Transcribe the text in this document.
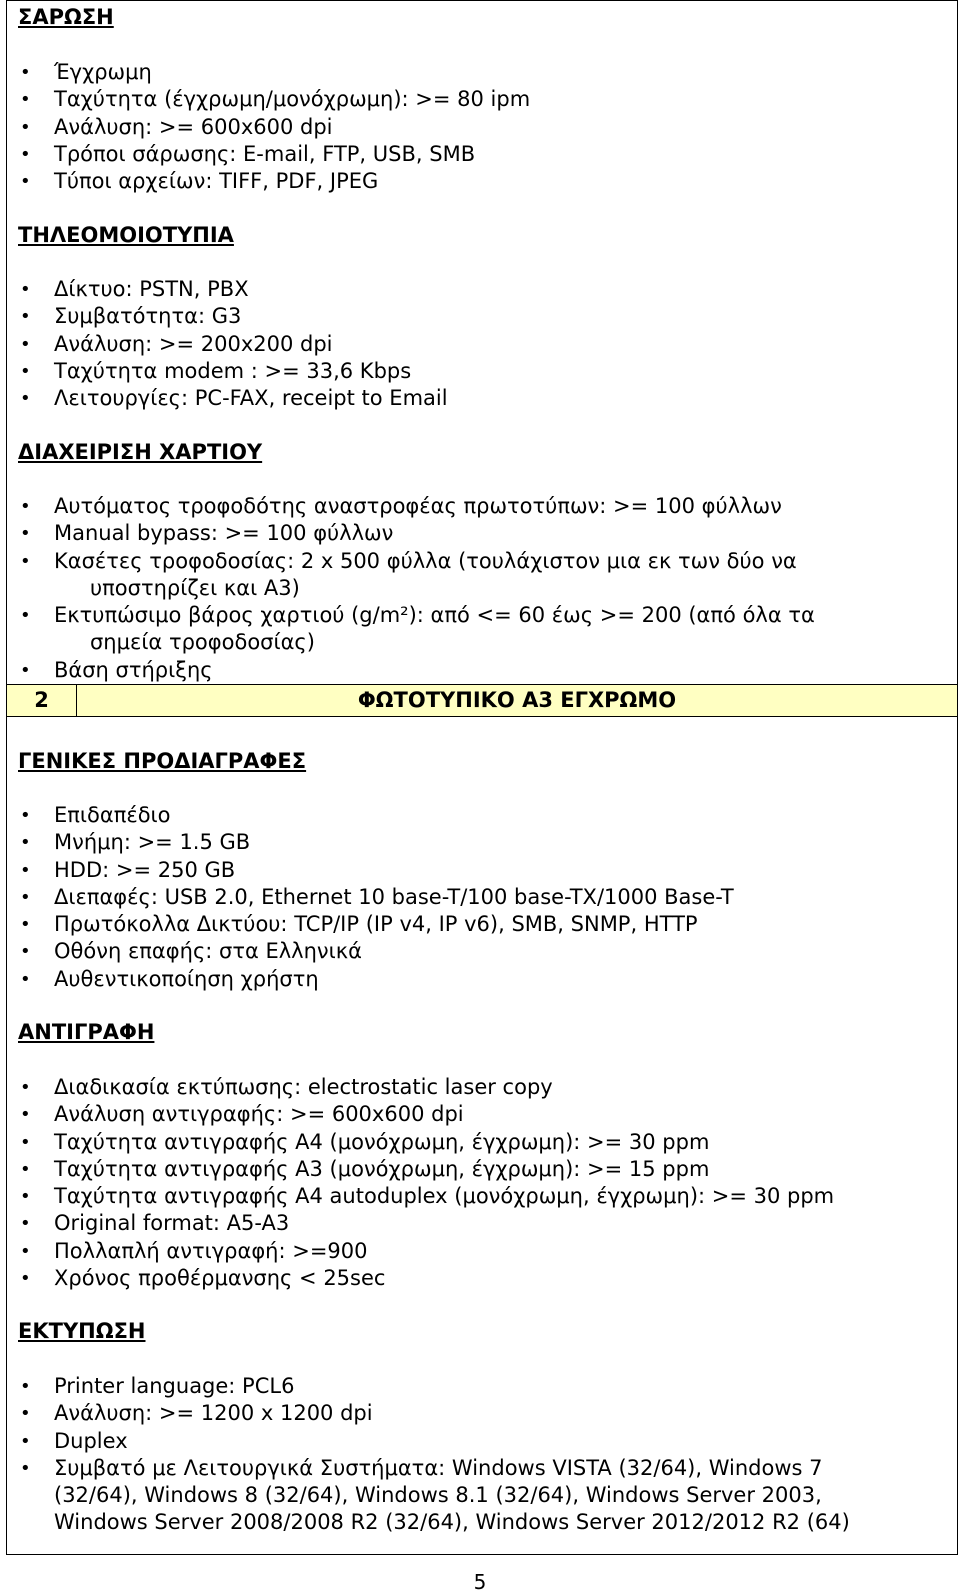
ΣΑΡΩΣΗ
• Έγχρωμη
• Ταχύτητα (έγχρωμη/μονόχρωμη): >= 80 ipm
• Ανάλυση: >= 600x600 dpi
• Τρόποι σάρωσης: E-mail, FTP, USB, SMB
• Τύποι αρχείων: TIFF, PDF, JPEG
ΤΗΛΕΟΜΟΙΟΤΥΠΙΑ
• Δίκτυο: PSTN, PBX
• Συμβατότητα: G3
• Ανάλυση: >= 200x200 dpi
• Ταχύτητα modem : >= 33,6 Kbps
• Λειτουργίες: PC-FAX, receipt to Email
ΔΙΑΧΕΙΡΙΣΗ ΧΑΡΤΙΟΥ
• Αυτόματος τροφοδότης αναστροφέας πρωτοτύπων: >= 100 φύλλων
• Manual bypass: >= 100 φύλλων
• Κασέτες τροφοδοσίας: 2 x 500 φύλλα (τουλάχιστον μια εκ των δύο να
υποστηρίζει και Α3)
• Εκτυπώσιμο βάρος χαρτιού (g/m²): από <= 60 έως >= 200 (από όλα τα
σημεία τροφοδοσίας)
• Βάση στήριξης
2	ΦΩΤΟΤΥΠΙΚΟ Α3 ΕΓΧΡΩΜΟ
ΓΕΝΙΚΕΣ ΠΡΟΔΙΑΓΡΑΦΕΣ
• Επιδαπέδιο
• Μνήμη: >= 1.5 GB
• HDD: >= 250 GB
• Διεπαφές: USB 2.0, Ethernet 10 base-T/100 base-TX/1000 Base-T
• Πρωτόκολλα Δικτύου: TCP/IP (IP v4, IP v6), SMB, SNMP, HTTP
• Οθόνη επαφής: στα Ελληνικά
• Αυθεντικοποίηση χρήστη
ΑΝΤΙΓΡΑΦΗ
• Διαδικασία εκτύπωσης: electrostatic laser copy
• Ανάλυση αντιγραφής: >= 600x600 dpi
• Ταχύτητα αντιγραφής A4 (μονόχρωμη, έγχρωμη): >= 30 ppm
• Ταχύτητα αντιγραφής A3 (μονόχρωμη, έγχρωμη): >= 15 ppm
• Ταχύτητα αντιγραφής A4 autoduplex (μονόχρωμη, έγχρωμη): >= 30 ppm
• Original format: A5-A3
• Πολλαπλή αντιγραφή: >=900
• Χρόνος προθέρμανσης < 25sec
ΕΚΤΥΠΩΣΗ
• Printer language: PCL6
• Ανάλυση: >= 1200 x 1200 dpi
• Duplex
• Συμβατό με Λειτουργικά Συστήματα: Windows VISTA (32/64), Windows 7
(32/64), Windows 8 (32/64), Windows 8.1 (32/64), Windows Server 2003,
Windows Server 2008/2008 R2 (32/64), Windows Server 2012/2012 R2 (64)
5
